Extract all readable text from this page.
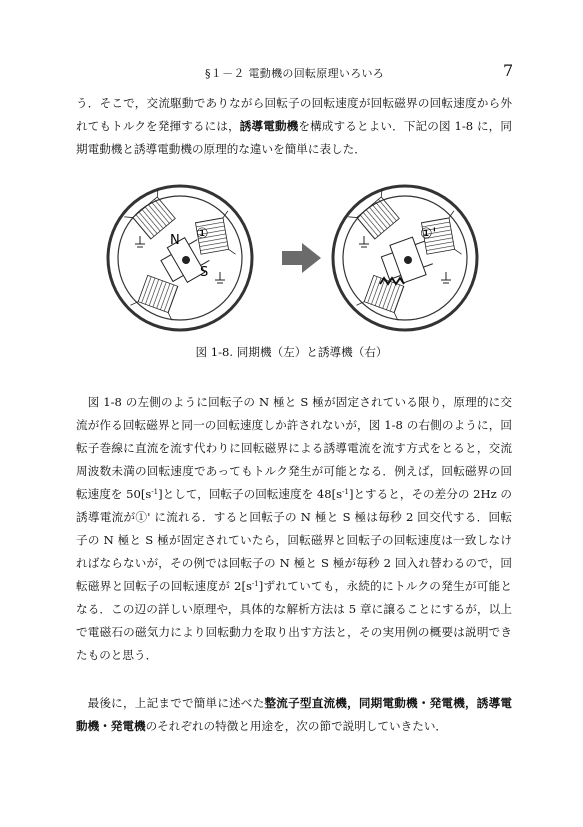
§１－２ 電動機の回転原理いろいろ	7

う．そこで，交流駆動でありながら回転子の回転速度が回転磁界の回転速度から外れてもトルクを発揮するには，誘導電動機を構成するとよい．下記の図 1-8 に，同期電動機と誘導電動機の原理的な違いを簡単に表した．

N
S
①	①'
図 1-8. 同期機（左）と誘導機（右）

図 1-8 の左側のように回転子の N 極と S 極が固定されている限り，原理的に交流が作る回転磁界と同一の回転速度しか許されないが，図 1-8 の右側のように，回転子巻線に直流を流す代わりに回転磁界による誘導電流を流す方式をとると，交流周波数未満の回転速度であってもトルク発生が可能となる．例えば，回転磁界の回転速度を $50[s^{-1}]$として，回転子の回転速度を $48[s^{-1}]$とすると，その差分の 2Hz の誘導電流が①' に流れる．すると回転子の N 極と S 極は毎秒 2 回交代する．回転子の N 極と S 極が固定されていたら，回転磁界と回転子の回転速度は一致しなければならないが，その例では回転子の N 極と S 極が毎秒 2 回入れ替わるので，回転磁界と回転子の回転速度が $2[s^{-1}]$ずれていても，永続的にトルクの発生が可能となる．この辺の詳しい原理や，具体的な解析方法は 5 章に譲ることにするが，以上で電磁石の磁気力により回転動力を取り出す方法と，その実用例の概要は説明できたものと思う．

最後に，上記までで簡単に述べた整流子型直流機，同期電動機・発電機，誘導電動機・発電機のそれぞれの特徴と用途を，次の節で説明していきたい．
